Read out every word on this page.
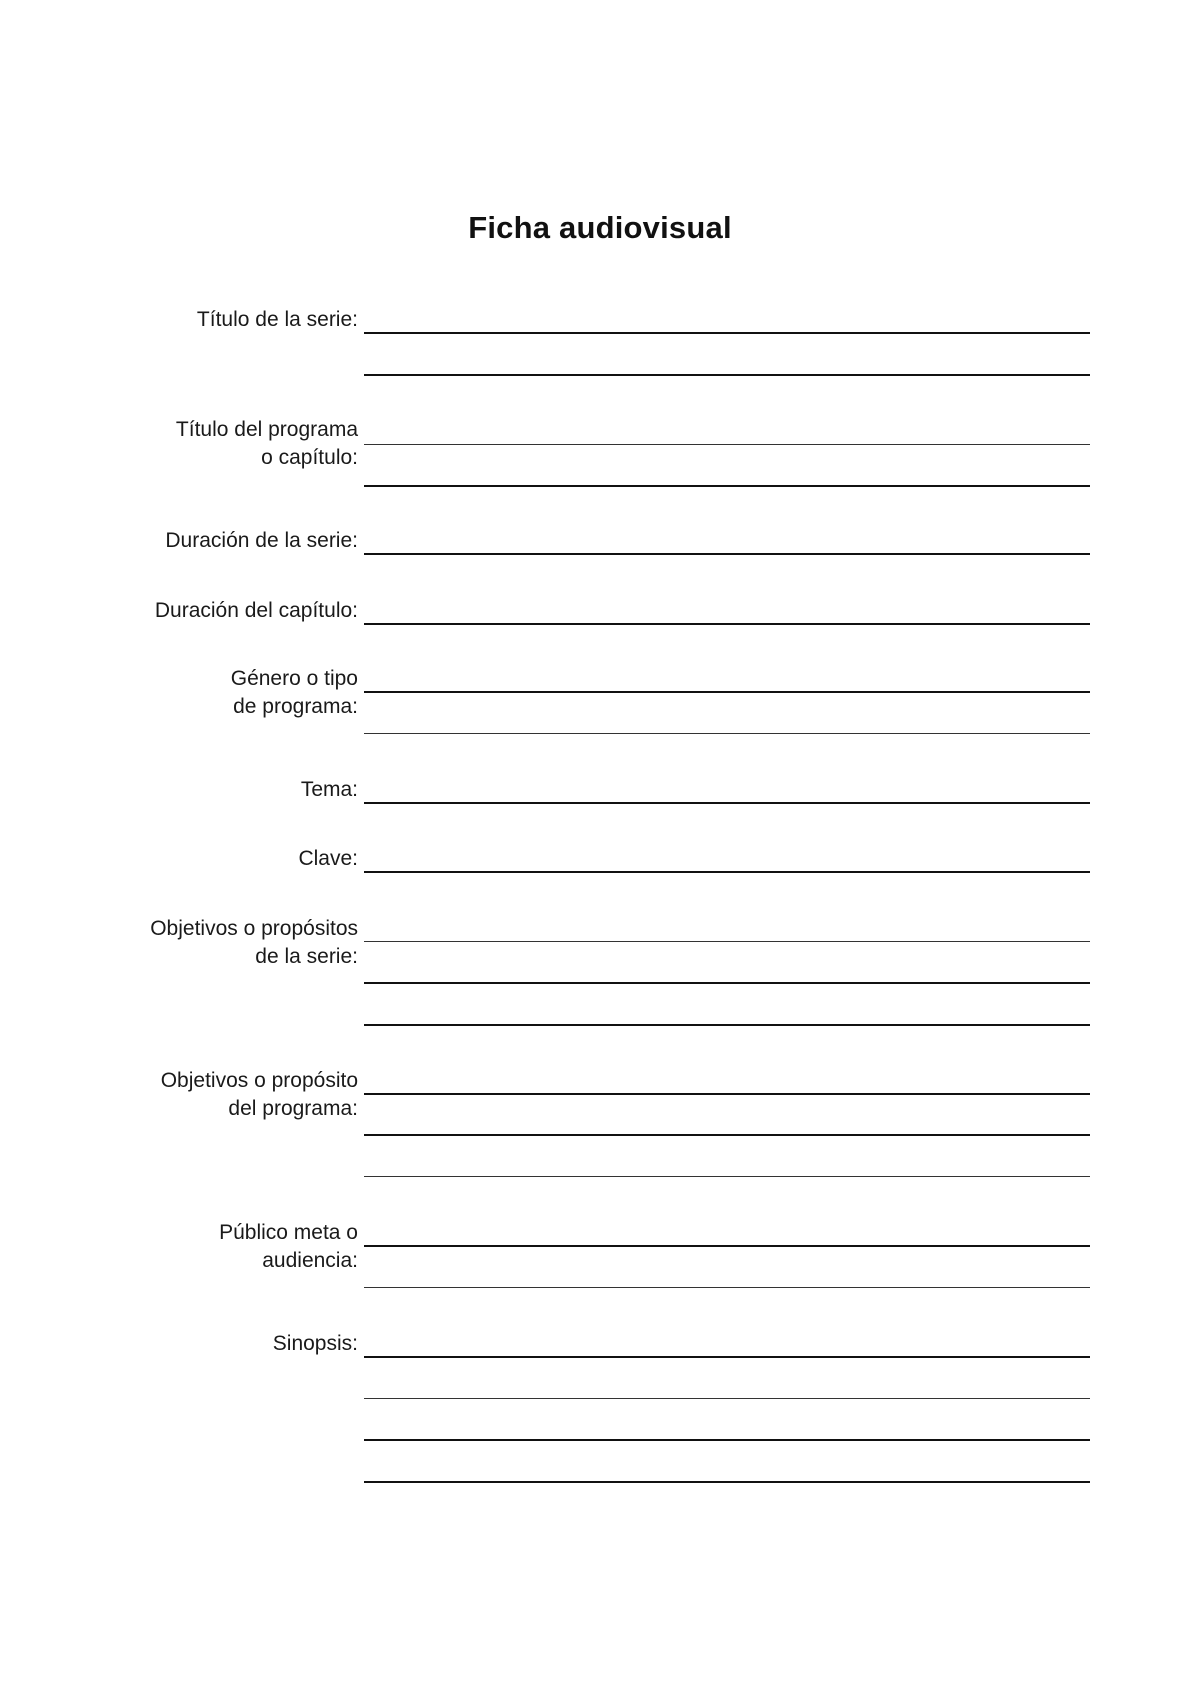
Ficha audiovisual
Título de la serie:
Título del programa
o capítulo:
Duración de la serie:
Duración del capítulo:
Género o tipo
de programa:
Tema:
Clave:
Objetivos o propósitos
de la serie:
Objetivos o propósito
del programa:
Público meta o
audiencia:
Sinopsis:
